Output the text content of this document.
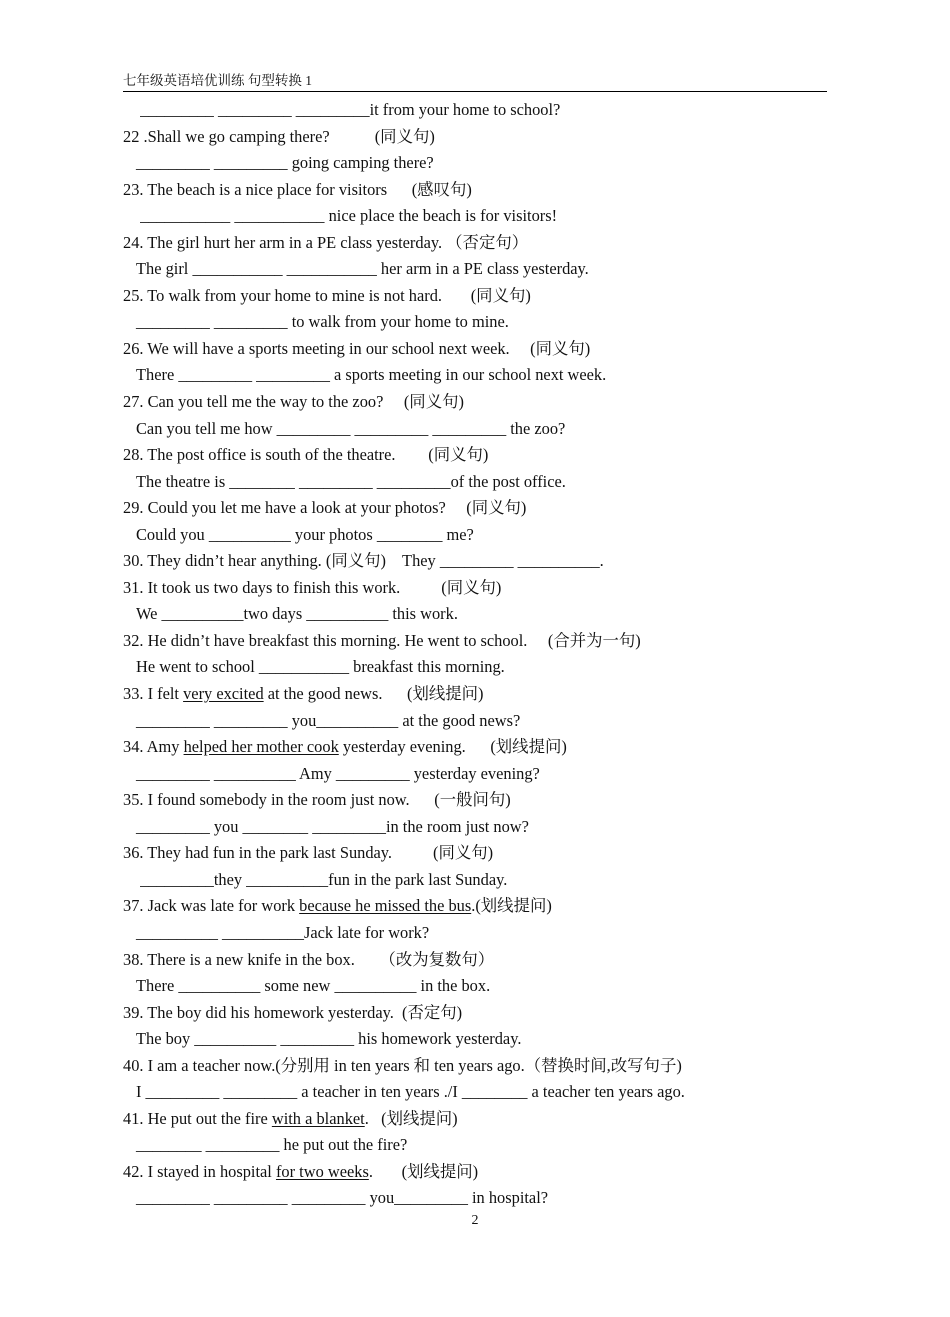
七年级英语培优训练 句型转换 1
_________ _________ _________it from your home to school?
22 .Shall we go camping there?           (同义句)
_________ _________ going camping there?
23. The beach is a nice place for visitors      (感叹句)
___________ ___________ nice place the beach is for visitors!
24. The girl hurt her arm in a PE class yesterday. （否定句）
The girl ___________ ___________ her arm in a PE class yesterday.
25. To walk from your home to mine is not hard.       (同义句)
_________ _________ to walk from your home to mine.
26. We will have a sports meeting in our school next week.     (同义句)
There _________ _________ a sports meeting in our school next week.
27. Can you tell me the way to the zoo?     (同义句)
Can you tell me how _________ _________ _________ the zoo?
28. The post office is south of the theatre.        (同义句)
The theatre is ________ _________ _________of the post office.
29. Could you let me have a look at your photos?     (同义句)
Could you __________ your photos ________ me?
30. They didn’t hear anything. (同义句)    They _________ __________.
31. It took us two days to finish this work.          (同义句)
We __________two days __________ this work.
32. He didn’t have breakfast this morning. He went to school.     (合并为一句)
He went to school ___________ breakfast this morning.
33. I felt very excited at the good news.      (划线提问)
_________ _________ you__________ at the good news?
34. Amy helped her mother cook yesterday evening.      (划线提问)
_________ __________ Amy _________ yesterday evening?
35. I found somebody in the room just now.      (一般问句)
_________ you ________ _________in the room just now?
36. They had fun in the park last Sunday.          (同义句)
_________they __________fun in the park last Sunday.
37. Jack was late for work because he missed the bus.(划线提问)
__________ __________Jack late for work?
38. There is a new knife in the box.      （改为复数句）
There __________ some new __________ in the box.
39. The boy did his homework yesterday.  (否定句)
The boy __________ _________ his homework yesterday.
40. I am a teacher now.(分别用 in ten years 和 ten years ago.（替换时间,改写句子)
I _________ _________ a teacher in ten years ./I ________ a teacher ten years ago.
41. He put out the fire with a blanket.   (划线提问)
________ _________ he put out the fire?
42. I stayed in hospital for two weeks.       (划线提问)
_________ _________ _________ you_________ in hospital?
2
